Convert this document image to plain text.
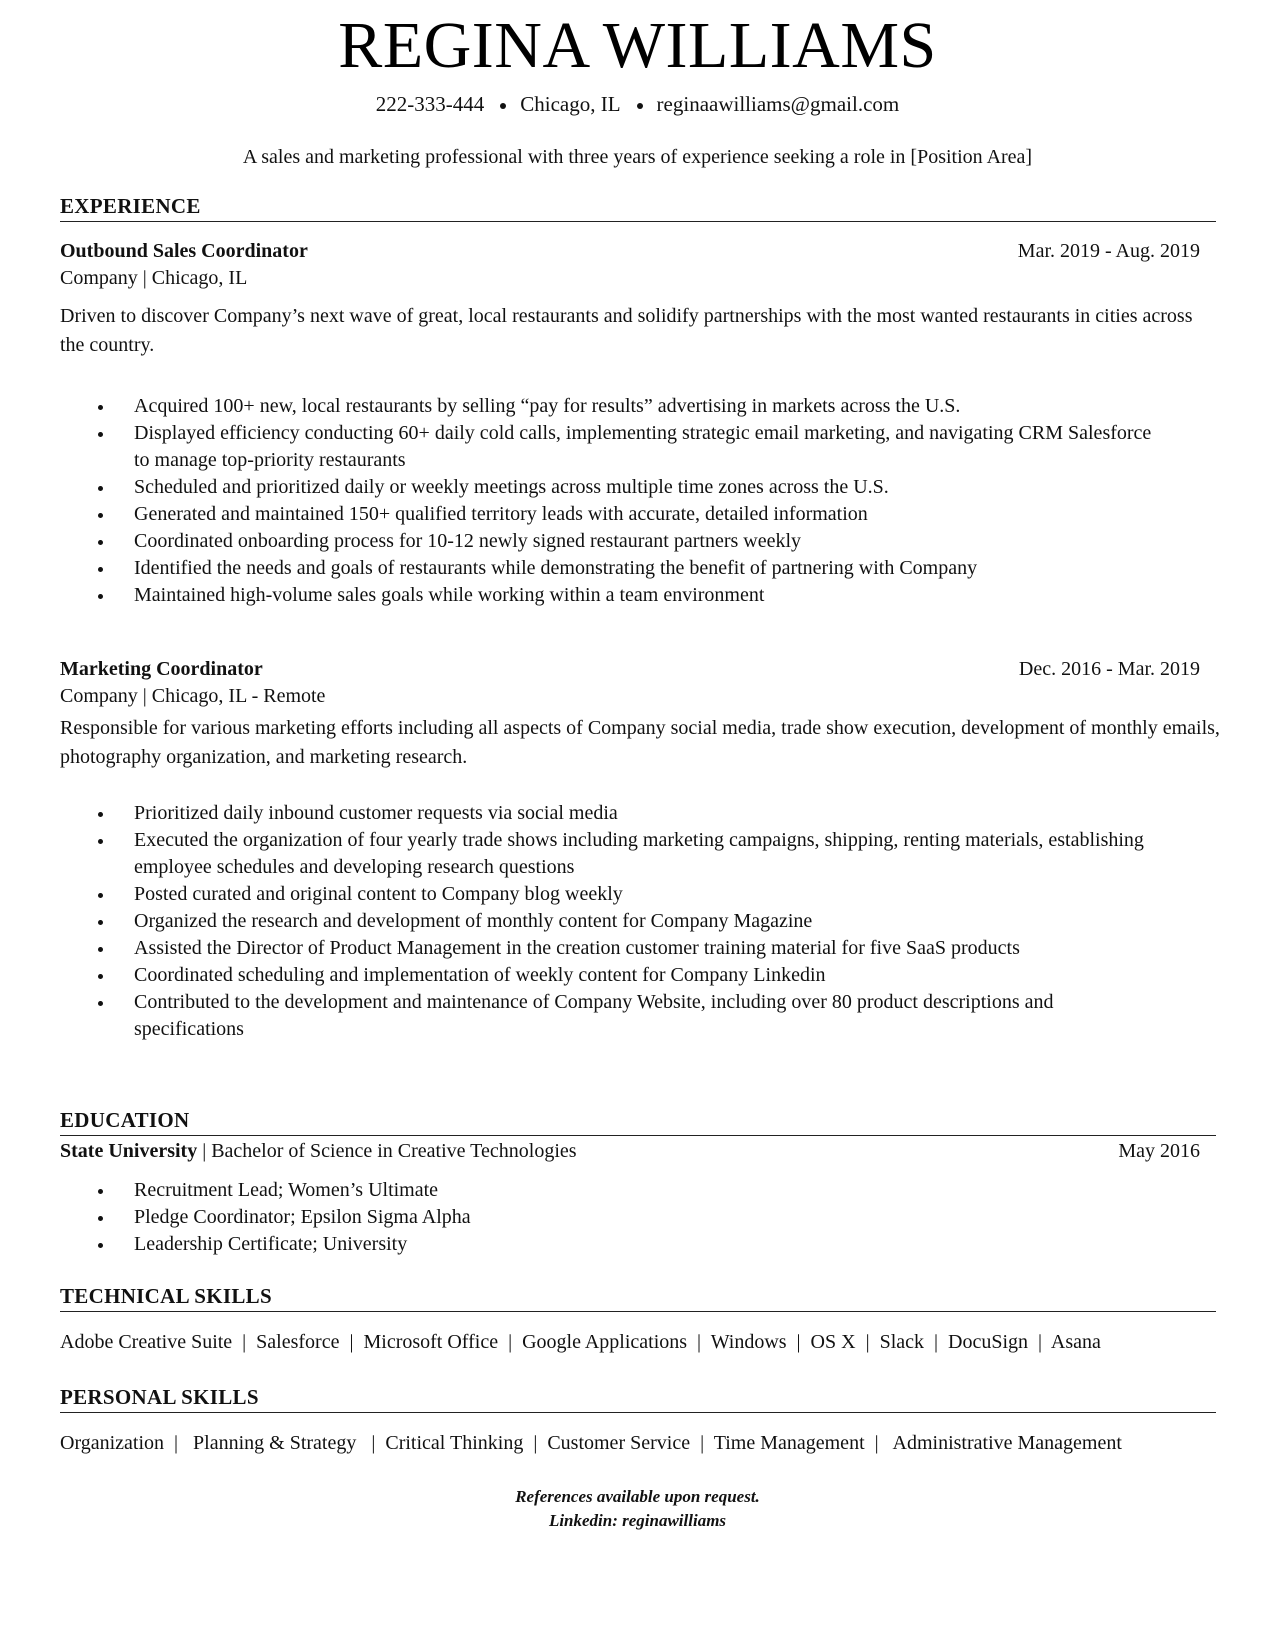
REGINA WILLIAMS
222-333-444 Chicago, IL reginaawilliams@gmail.com
A sales and marketing professional with three years of experience seeking a role in [Position Area]
EXPERIENCE
Outbound Sales Coordinator	Mar. 2019 - Aug. 2019
Company | Chicago, IL
Driven to discover Company’s next wave of great, local restaurants and solidify partnerships with the most wanted restaurants in cities across the country.
Acquired 100+ new, local restaurants by selling “pay for results” advertising in markets across the U.S.
Displayed efficiency conducting 60+ daily cold calls, implementing strategic email marketing, and navigating CRM Salesforce to manage top-priority restaurants
Scheduled and prioritized daily or weekly meetings across multiple time zones across the U.S.
Generated and maintained 150+ qualified territory leads with accurate, detailed information
Coordinated onboarding process for 10-12 newly signed restaurant partners weekly
Identified the needs and goals of restaurants while demonstrating the benefit of partnering with Company
Maintained high-volume sales goals while working within a team environment
Marketing Coordinator	Dec. 2016 - Mar. 2019
Company | Chicago, IL - Remote
Responsible for various marketing efforts including all aspects of Company social media, trade show execution, development of monthly emails, photography organization, and marketing research.
Prioritized daily inbound customer requests via social media
Executed the organization of four yearly trade shows including marketing campaigns, shipping, renting materials, establishing employee schedules and developing research questions
Posted curated and original content to Company blog weekly
Organized the research and development of monthly content for Company Magazine
Assisted the Director of Product Management in the creation customer training material for five SaaS products
Coordinated scheduling and implementation of weekly content for Company Linkedin
Contributed to the development and maintenance of Company Website, including over 80 product descriptions and specifications
EDUCATION
State University | Bachelor of Science in Creative Technologies	May 2016
Recruitment Lead; Women’s Ultimate
Pledge Coordinator; Epsilon Sigma Alpha
Leadership Certificate; University
TECHNICAL SKILLS
Adobe Creative Suite  |  Salesforce  |  Microsoft Office  |  Google Applications  |  Windows  |  OS X  |  Slack  |  DocuSign  |  Asana
PERSONAL SKILLS
Organization  |   Planning & Strategy   |  Critical Thinking  |  Customer Service  |  Time Management  |   Administrative Management
References available upon request.
Linkedin: reginawilliams
